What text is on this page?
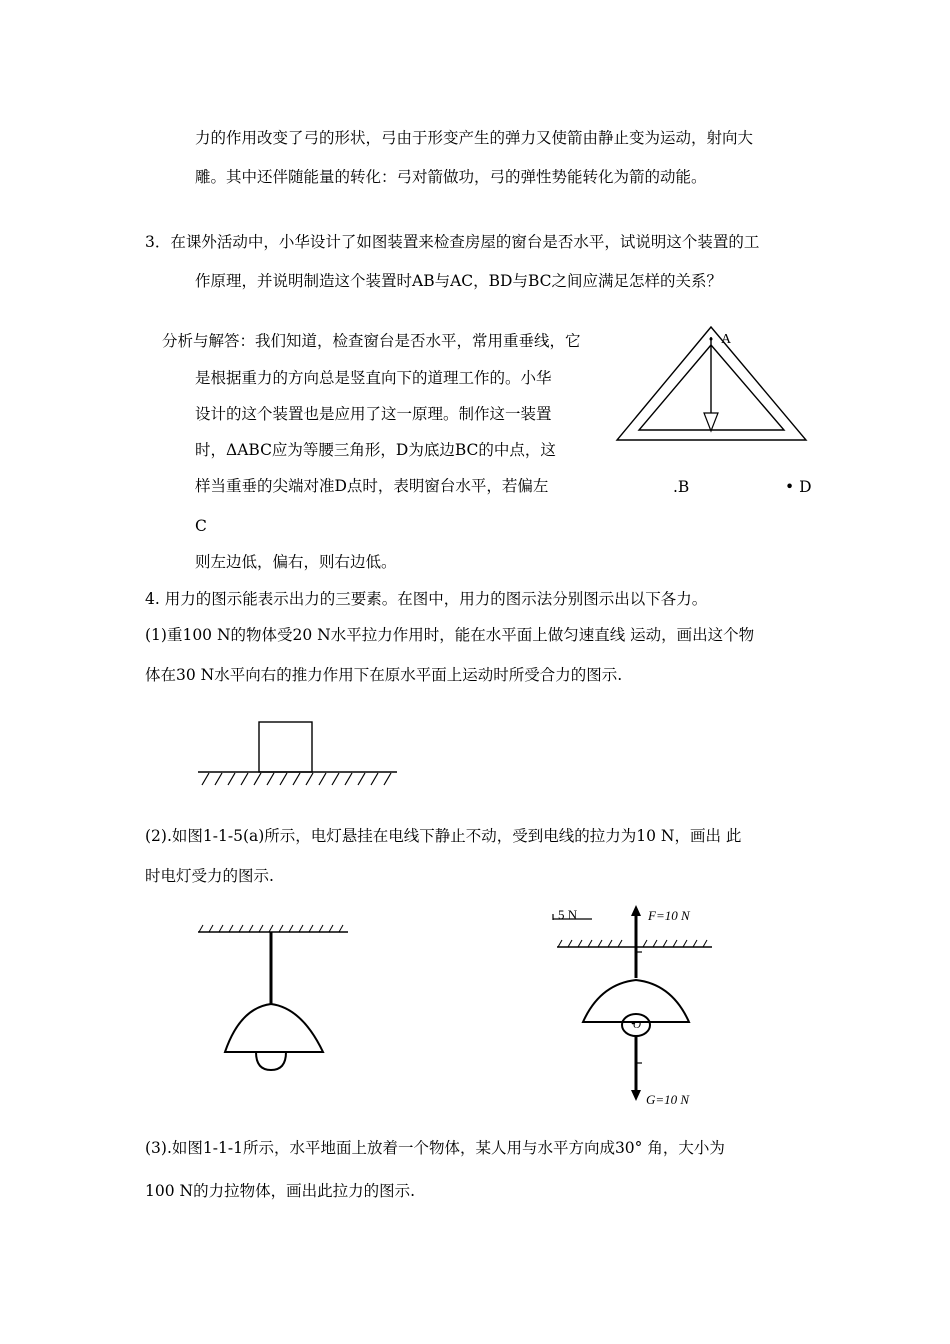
力的作用改变了弓的形状，弓由于形变产生的弹力又使箭由静止变为运动，射向大
雕。其中还伴随能量的转化：弓对箭做功，弓的弹性势能转化为箭的动能。
3．在课外活动中，小华设计了如图装置来检查房屋的窗台是否水平，试说明这个装置的工
作原理，并说明制造这个装置时AB与AC，BD与BC之间应满足怎样的关系？
分析与解答：我们知道，检查窗台是否水平，常用重垂线，它
是根据重力的方向总是竖直向下的道理工作的。小华
设计的这个装置也是应用了这一原理。制作这一装置
时，ΔABC应为等腰三角形，D为底边BC的中点，这
样当重垂的尖端对准D点时，表明窗台水平，若偏左
C
则左边低，偏右，则右边低。
A
.B	• D
4. 用力的图示能表示出力的三要素。在图中，用力的图示法分别图示出以下各力。
(1)重100 N的物体受20 N水平拉力作用时，能在水平面上做匀速直线 运动，画出这个物
体在30 N水平向右的推力作用下在原水平面上运动时所受合力的图示.
(2).如图1-1-5(a)所示，电灯悬挂在电线下静止不动，受到电线的拉力为10 N，画出 此
时电灯受力的图示.
5 N	F=10 N
O
G=10 N
(3).如图1-1-1所示，水平地面上放着一个物体，某人用与水平方向成30° 角，大小为
100 N的力拉物体，画出此拉力的图示.
